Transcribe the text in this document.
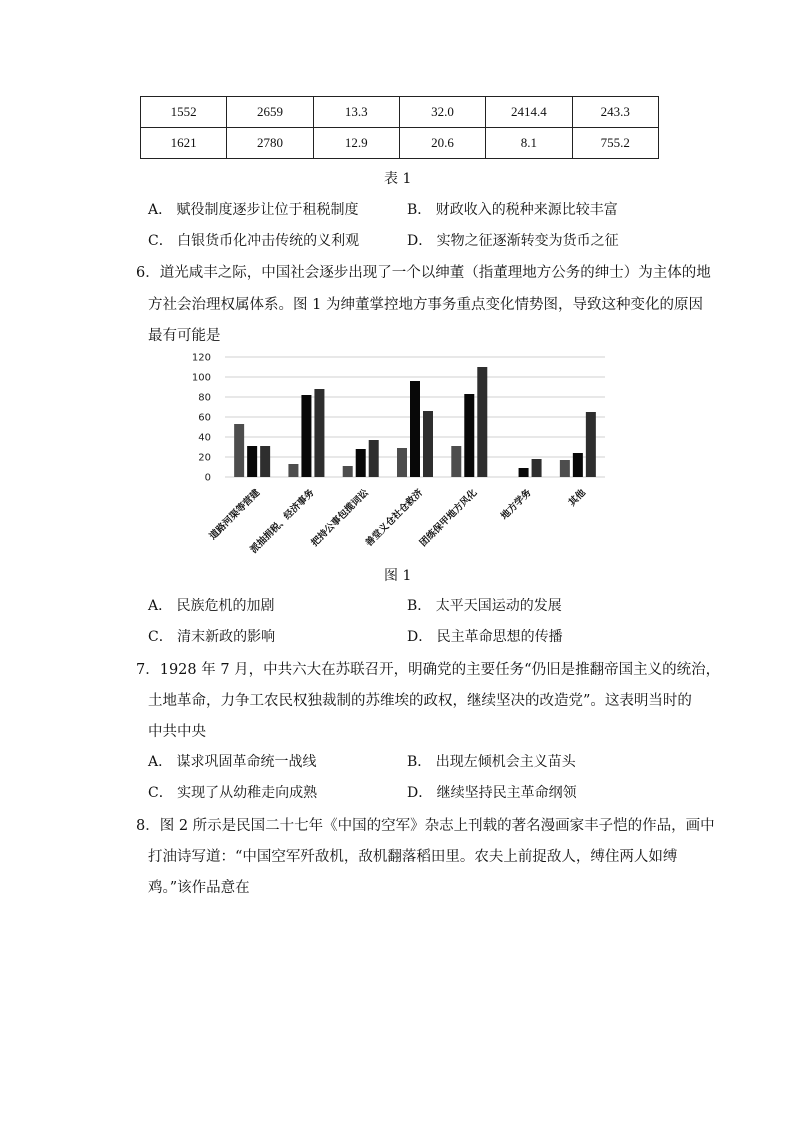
1552	2659	13.3	32.0	2414.4	243.3
1621	2780	12.9	20.6	8.1	755.2
表 1
A． 赋役制度逐步让位于租税制度	B． 财政收入的税种来源比较丰富
C． 白银货币化冲击传统的义利观	D． 实物之征逐渐转变为货币之征
6．道光咸丰之际，中国社会逐步出现了一个以绅董（指董理地方公务的绅士）为主体的地
方社会治理权属体系。图 1 为绅董掌控地方事务重点变化情势图，导致这种变化的原因
最有可能是
0
20
40
60
80
100
120
道路河渠等营建
派抽捐税、经济事务
把持公事包揽词讼
善堂义仓社仓救济
团练保甲地方风化 地方学务	其他
图 1
A． 民族危机的加剧	B． 太平天国运动的发展
C． 清末新政的影响	D． 民主革命思想的传播
7．1928 年 7 月，中共六大在苏联召开，明确党的主要任务“仍旧是推翻帝国主义的统治，
土地革命，力争工农民权独裁制的苏维埃的政权，继续坚决的改造党”。这表明当时的
中共中央
A． 谋求巩固革命统一战线	B． 出现左倾机会主义苗头
C． 实现了从幼稚走向成熟	D． 继续坚持民主革命纲领
8．图 2 所示是民国二十七年《中国的空军》杂志上刊载的著名漫画家丰子恺的作品，画中
打油诗写道：“中国空军歼敌机，敌机翻落稻田里。农夫上前捉敌人，缚住两人如缚
鸡。”该作品意在
